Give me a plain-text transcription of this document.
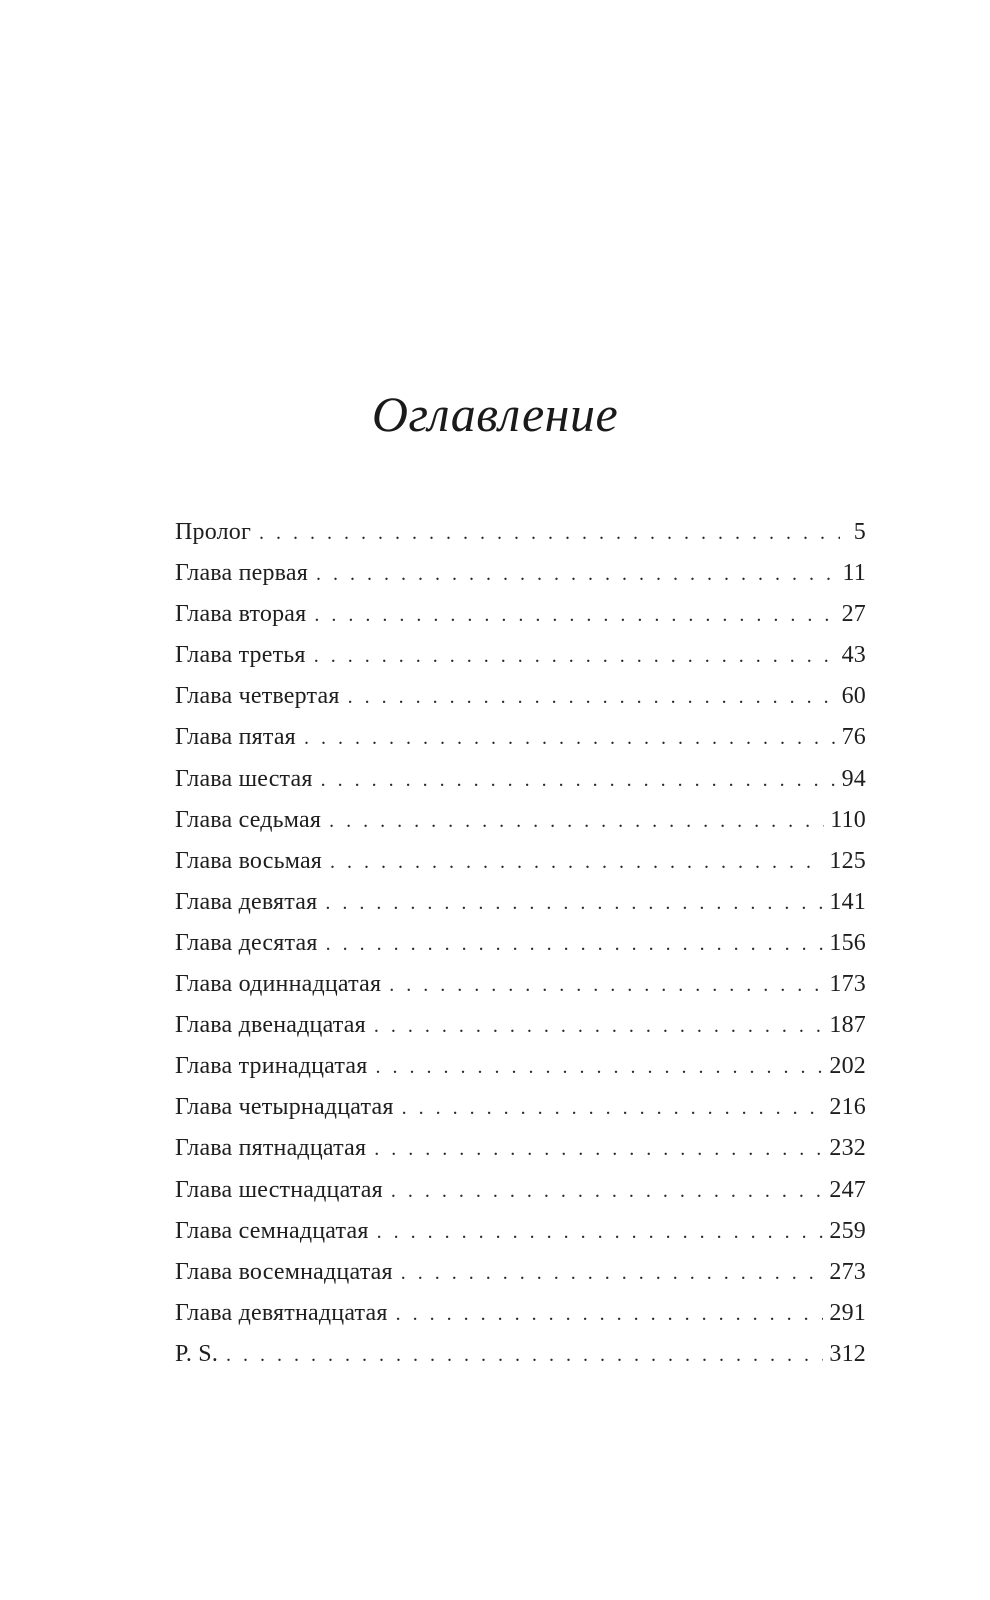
Оглавление
Пролог . . .	5
Глава первая . . .	11
Глава вторая . . .	27
Глава третья . . .	43
Глава четвертая . . .	60
Глава пятая . . .	76
Глава шестая . . .	94
Глава седьмая . . .	110
Глава восьмая . . .	125
Глава девятая . . .	141
Глава десятая . . .	156
Глава одиннадцатая . . .	173
Глава двенадцатая . . .	187
Глава тринадцатая . . .	202
Глава четырнадцатая . . .	216
Глава пятнадцатая . . .	232
Глава шестнадцатая . . .	247
Глава семнадцатая . . .	259
Глава восемнадцатая . . .	273
Глава девятнадцатая . . .	291
P. S. . . .	312
